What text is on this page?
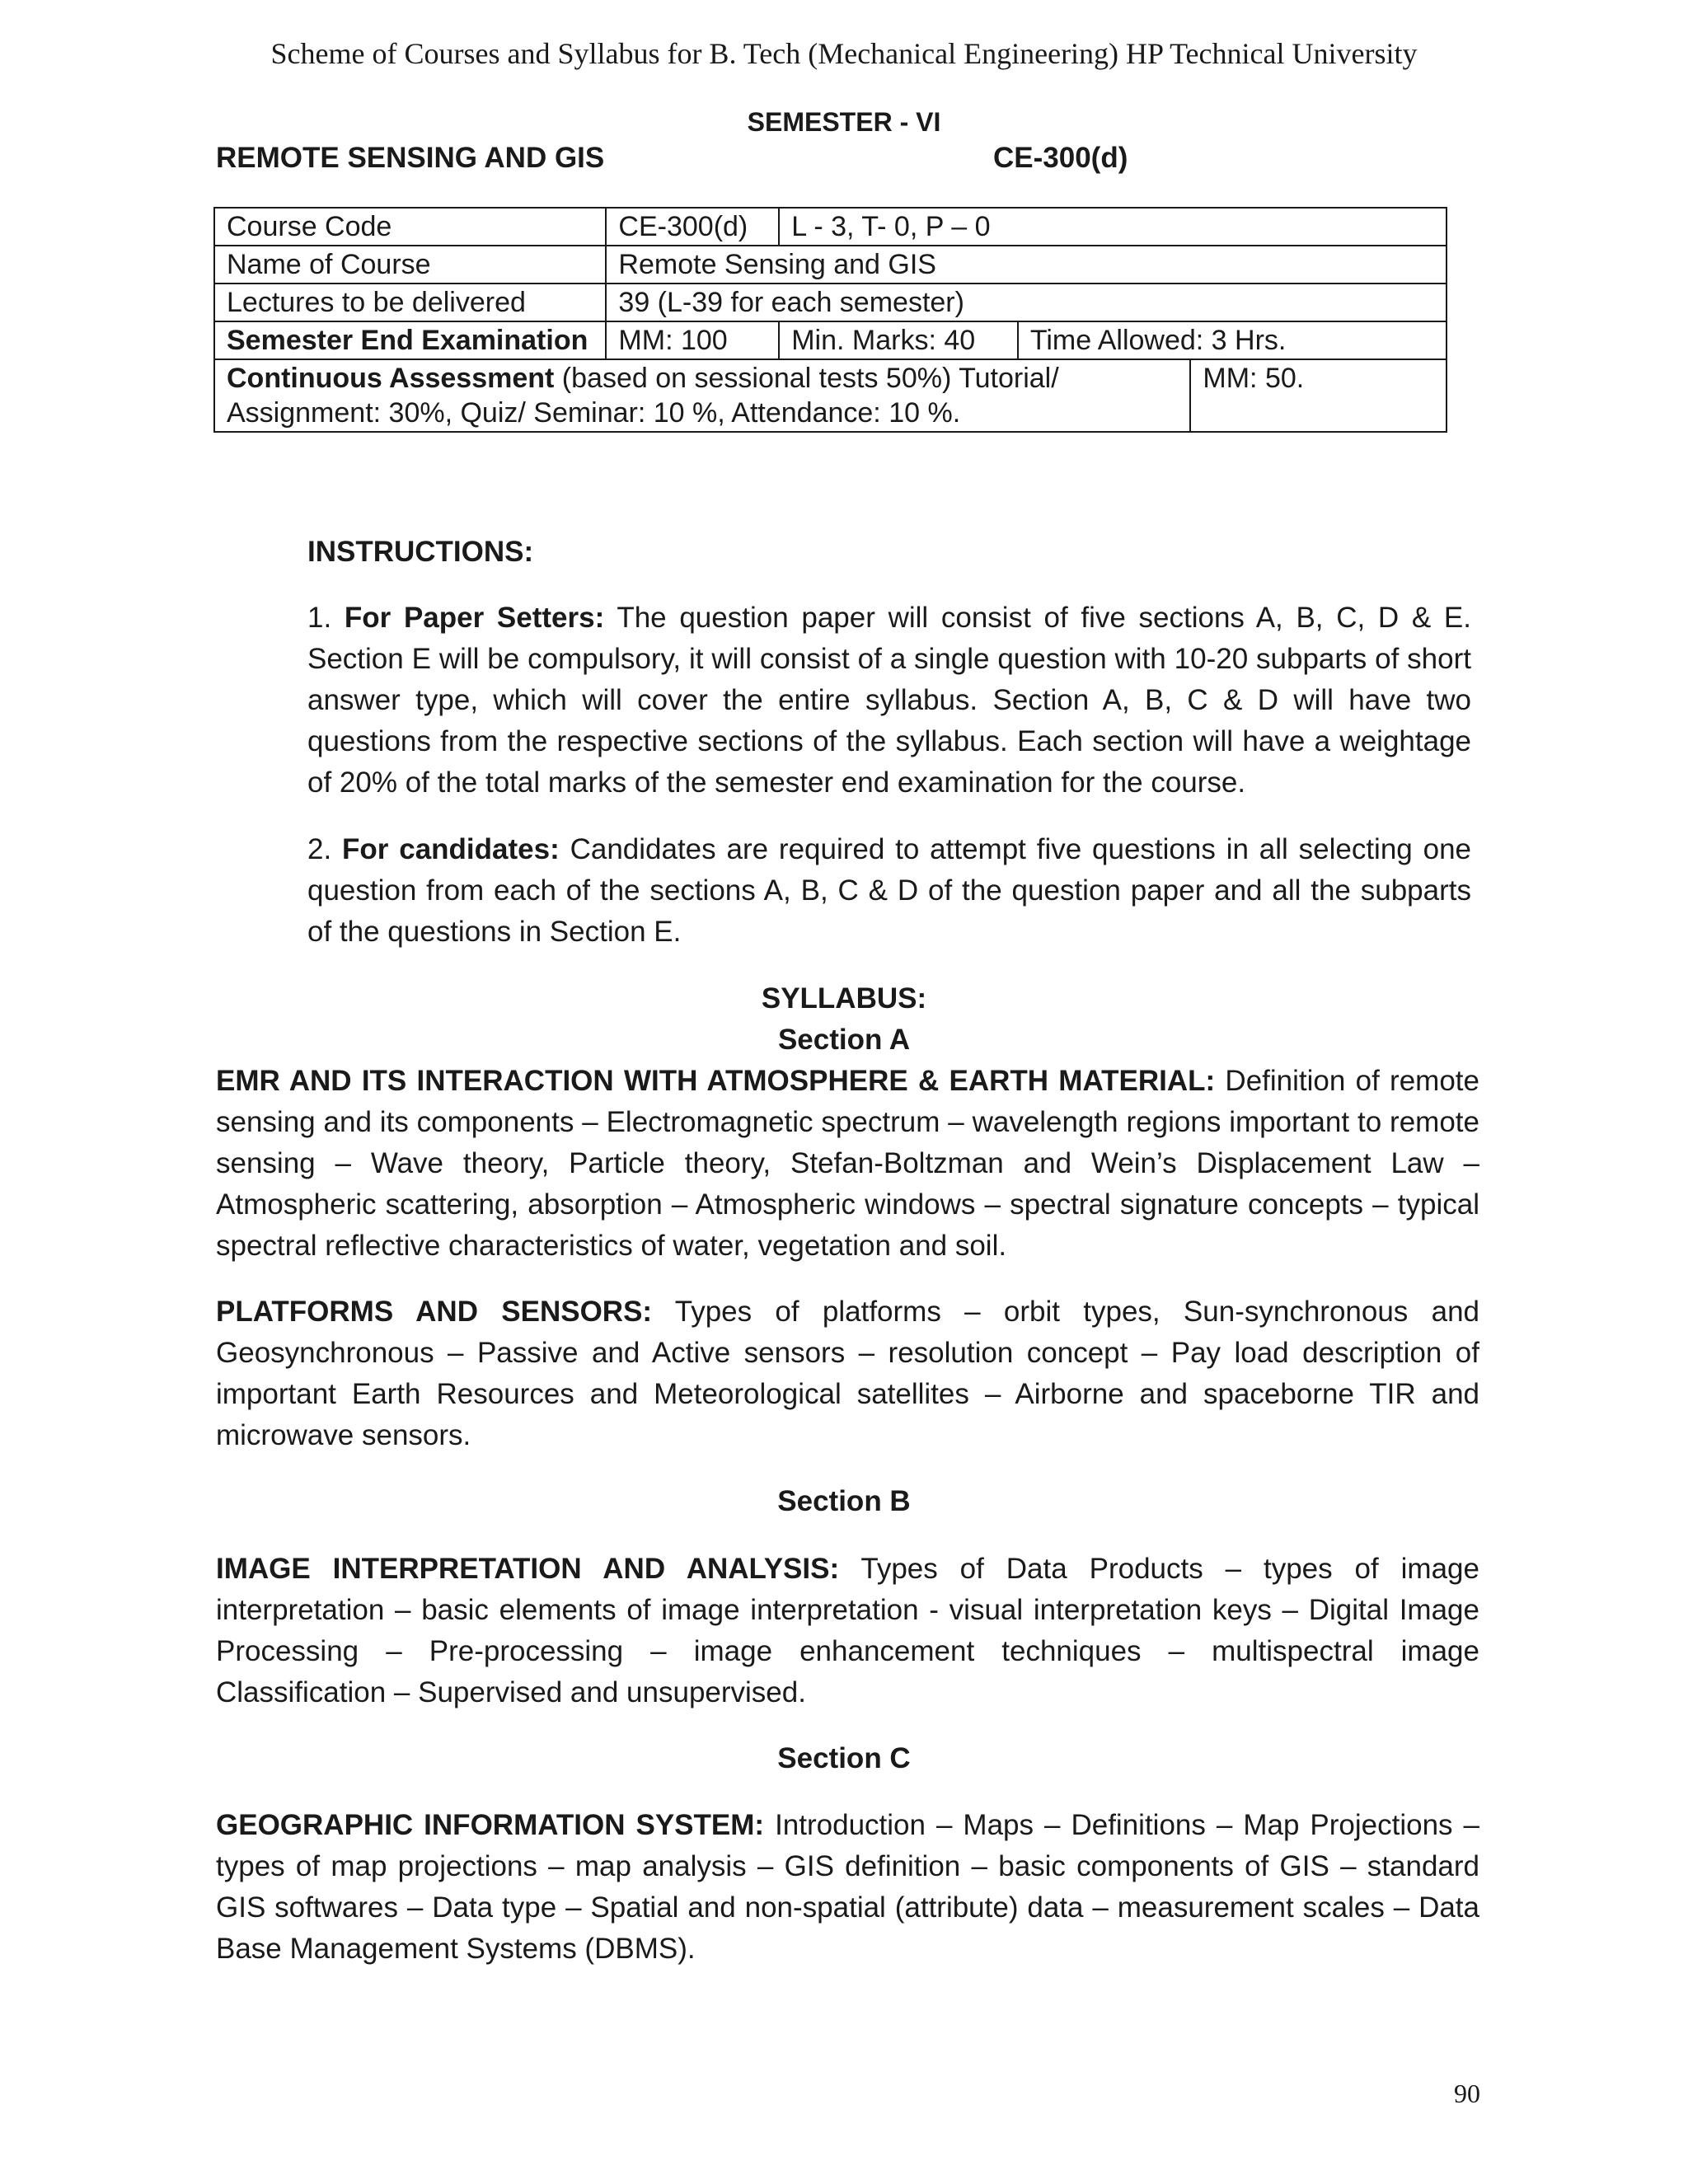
Scheme of Courses and Syllabus for B. Tech (Mechanical Engineering) HP Technical University
SEMESTER - VI
REMOTE SENSING AND GIS	CE-300(d)
Course Code	CE-300(d)	L - 3, T- 0, P – 0		
Name of Course	Remote Sensing and GIS			
Lectures to be delivered	39 (L-39 for each semester)			
Semester End Examination	MM: 100	Min. Marks: 40	Time Allowed: 3 Hrs.	
Continuous Assessment (based on sessional tests 50%) Tutorial/ Assignment: 30%, Quiz/ Seminar: 10 %, Attendance: 10 %.				MM: 50.
INSTRUCTIONS:
1. For Paper Setters: The question paper will consist of five sections A, B, C, D & E. Section E will be compulsory, it will consist of a single question with 10-20 subparts of short answer type, which will cover the entire syllabus. Section A, B, C & D will have two questions from the respective sections of the syllabus. Each section will have a weightage of 20% of the total marks of the semester end examination for the course.
2. For candidates: Candidates are required to attempt five questions in all selecting one question from each of the sections A, B, C & D of the question paper and all the subparts of the questions in Section E.
SYLLABUS:
Section A
EMR AND ITS INTERACTION WITH ATMOSPHERE & EARTH MATERIAL: Definition of remote sensing and its components – Electromagnetic spectrum – wavelength regions important to remote sensing – Wave theory, Particle theory, Stefan-Boltzman and Wein’s Displacement Law – Atmospheric scattering, absorption – Atmospheric windows – spectral signature concepts – typical spectral reflective characteristics of water, vegetation and soil.
PLATFORMS AND SENSORS: Types of platforms – orbit types, Sun-synchronous and Geosynchronous – Passive and Active sensors – resolution concept – Pay load description of important Earth Resources and Meteorological satellites – Airborne and spaceborne TIR and microwave sensors.
Section B
IMAGE INTERPRETATION AND ANALYSIS: Types of Data Products – types of image interpretation – basic elements of image interpretation - visual interpretation keys – Digital Image Processing – Pre-processing – image enhancement techniques – multispectral image Classification – Supervised and unsupervised.
Section C
GEOGRAPHIC INFORMATION SYSTEM: Introduction – Maps – Definitions – Map Projections – types of map projections – map analysis – GIS definition – basic components of GIS – standard GIS softwares – Data type – Spatial and non-spatial (attribute) data – measurement scales – Data Base Management Systems (DBMS).
90
